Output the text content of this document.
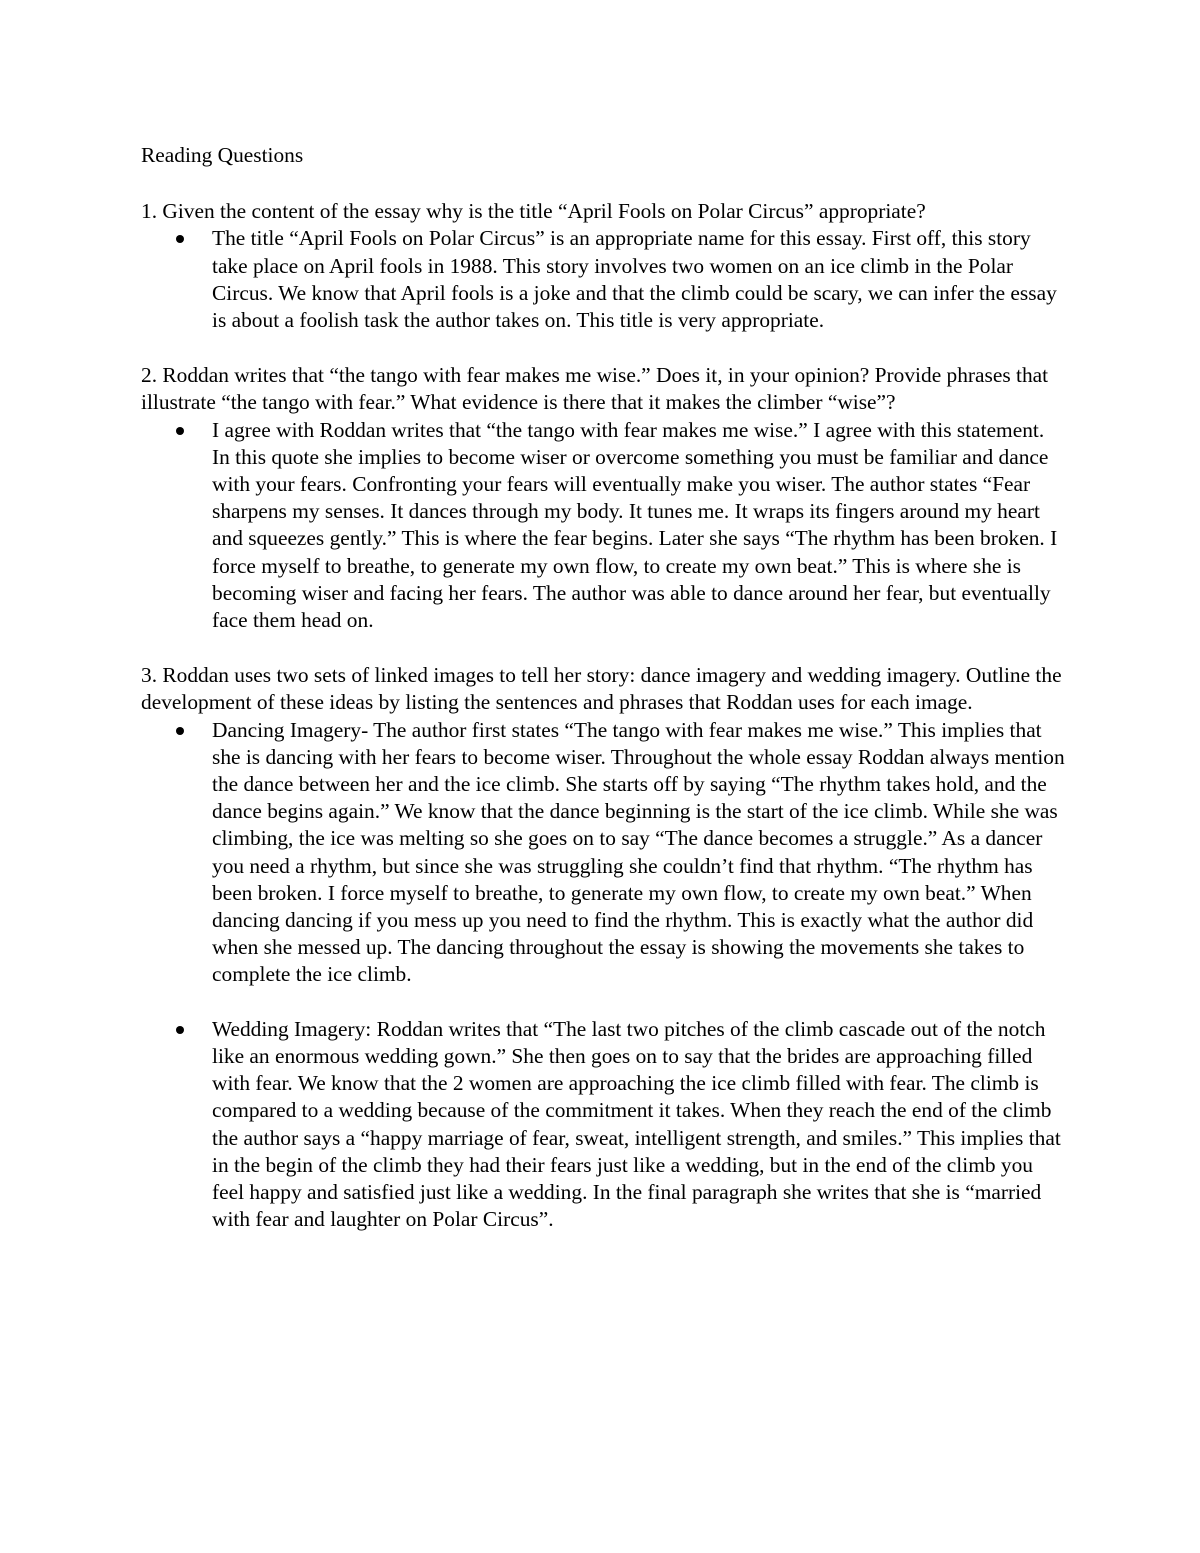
Reading Questions

1. Given the content of the essay why is the title “April Fools on Polar Circus” appropriate?

The title “April Fools on Polar Circus” is an appropriate name for this essay. First off, this story take place on April fools in 1988. This story involves two women on an ice climb in the Polar Circus. We know that April fools is a joke and that the climb could be scary, we can infer the essay is about a foolish task the author takes on. This title is very appropriate.

2. Roddan writes that “the tango with fear makes me wise.” Does it, in your opinion? Provide phrases that illustrate “the tango with fear.” What evidence is there that it makes the climber “wise”?

I agree with Roddan writes that “the tango with fear makes me wise.” I agree with this statement. In this quote she implies to become wiser or overcome something you must be familiar and dance with your fears. Confronting your fears will eventually make you wiser. The author states “Fear sharpens my senses. It dances through my body. It tunes me. It wraps its fingers around my heart and squeezes gently.” This is where the fear begins. Later she says “The rhythm has been broken. I force myself to breathe, to generate my own flow, to create my own beat.” This is where she is becoming wiser and facing her fears. The author was able to dance around her fear, but eventually face them head on.

3. Roddan uses two sets of linked images to tell her story: dance imagery and wedding imagery. Outline the development of these ideas by listing the sentences and phrases that Roddan uses for each image.

Dancing Imagery- The author first states “The tango with fear makes me wise.” This implies that she is dancing with her fears to become wiser. Throughout the whole essay Roddan always mention the dance between her and the ice climb. She starts off by saying “The rhythm takes hold, and the dance begins again.” We know that the dance beginning is the start of the ice climb. While she was climbing, the ice was melting so she goes on to say “The dance becomes a struggle.” As a dancer you need a rhythm, but since she was struggling she couldn’t find that rhythm. “The rhythm has been broken. I force myself to breathe, to generate my own flow, to create my own beat.” When dancing dancing if you mess up you need to find the rhythm. This is exactly what the author did when she messed up. The dancing throughout the essay is showing the movements she takes to complete the ice climb.
Wedding Imagery: Roddan writes that “The last two pitches of the climb cascade out of the notch like an enormous wedding gown.” She then goes on to say that the brides are approaching filled with fear. We know that the 2 women are approaching the ice climb filled with fear. The climb is compared to a wedding because of the commitment it takes. When they reach the end of the climb the author says a “happy marriage of fear, sweat, intelligent strength, and smiles.” This implies that in the begin of the climb they had their fears just like a wedding, but in the end of the climb you feel happy and satisfied just like a wedding. In the final paragraph she writes that she is “married with fear and laughter on Polar Circus”.
